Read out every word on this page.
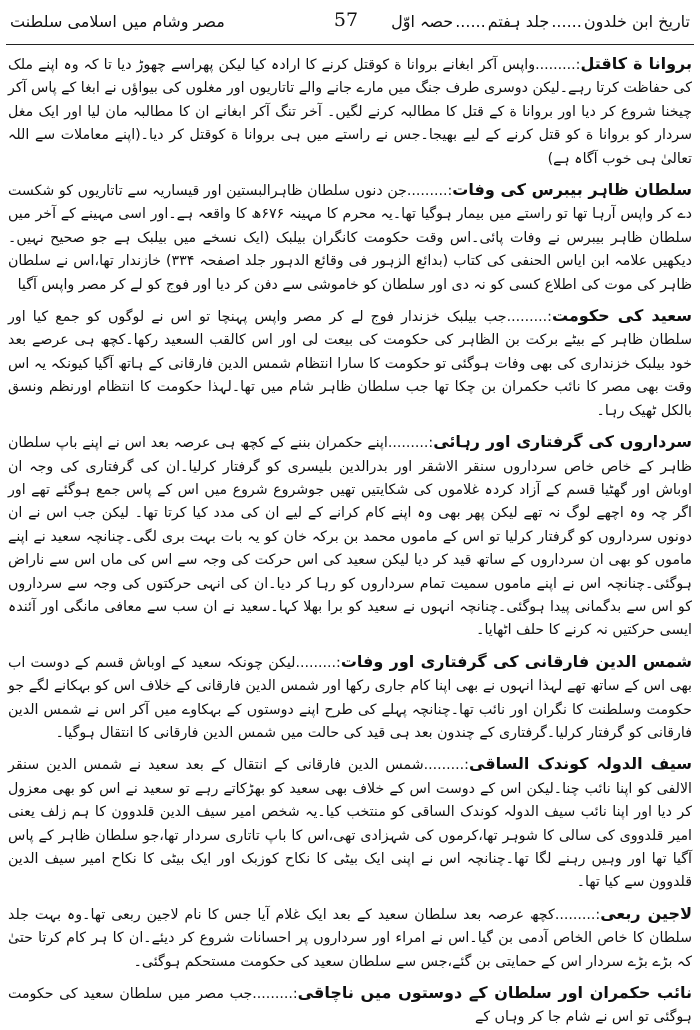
تاریخ ابن خلدون......جلد ہفتم......حصہ اوّل
57
مصر وشام میں اسلامی سلطنت

بروانا ة کاقتل:.........واپس آکر ابغانے بروانا ة کوقتل کرنے کا ارادہ کیا لیکن پھراسے چھوڑ دیا تا کہ وہ اپنے ملک کی حفاظت کرتا رہے۔لیکن دوسری طرف جنگ میں مارے جانے والے تاتاریوں اور مغلوں کی بیواؤں نے ابغا کے پاس آکر چیخنا شروع کر دیا اور بروانا ة کے قتل کا مطالبہ کرنے لگیں۔ آخر تنگ آکر ابغانے ان کا مطالبہ مان لیا اور ایک مغل سردار کو بروانا ة کو قتل کرنے کے لیے بھیجا۔جس نے راستے میں ہی بروانا ة کوقتل کر دیا۔(اپنے معاملات سے اللہ تعالیٰ ہی خوب آگاہ ہے)

سلطان ظاہر بیبرس کی وفات:.........جن دنوں سلطان ظاہرالبستین اور قیساریہ سے تاتاریوں کو شکست دے کر واپس آرہا تھا تو راستے میں بیمار ہوگیا تھا۔یہ محرم کا مہینہ ۶۷۶ھ کا واقعہ ہے۔اور اسی مہینے کے آخر میں سلطان ظاہر بیبرس نے وفات پائی۔اس وقت حکومت کانگران بیلبک (ایک نسخے میں بیلبک ہے جو صحیح نہیں۔دیکھیں علامہ ابن ایاس الحنفی کی کتاب (بدائع الزہور فی وقائع الدہور جلد اصفحہ ۳۳۴) خازندار تھا،اس نے سلطان ظاہر کی موت کی اطلاع کسی کو نہ دی اور سلطان کو خاموشی سے دفن کر دیا اور فوج کو لے کر مصر واپس آگیا

سعید کی حکومت:.........جب بیلبک خزندار فوج لے کر مصر واپس پہنچا تو اس نے لوگوں کو جمع کیا اور سلطان ظاہر کے بیٹے برکت بن الظاہر کی حکومت کی بیعت لی اور اس کالقب السعید رکھا۔کچھ ہی عرصے بعد خود بیلبک خزنداری کی بھی وفات ہوگئی تو حکومت کا سارا انتظام شمس الدین فارقانی کے ہاتھ آگیا کیونکہ یہ اس وقت بھی مصر کا نائب حکمران بن چکا تھا جب سلطان ظاہر شام میں تھا۔لہذا حکومت کا انتظام اورنظم ونسق بالکل ٹھیک رہا۔

سرداروں کی گرفتاری اور رہائی:.........اپنے حکمران بننے کے کچھ ہی عرصہ بعد اس نے اپنے باپ سلطان ظاہر کے خاص خاص سرداروں سنقر الاشقر اور بدرالدین بلیسری کو گرفتار کرلیا۔ان کی گرفتاری کی وجہ ان اوباش اور گھٹیا قسم کے آزاد کردہ غلاموں کی شکایتیں تھیں جوشروع شروع میں اس کے پاس جمع ہوگئے تھے اور اگر چہ وہ اچھے لوگ نہ تھے لیکن پھر بھی وہ اپنے کام کرانے کے لیے ان کی مدد کیا کرتا تھا۔ لیکن جب اس نے ان دونوں سرداروں کو گرفتار کرلیا تو اس کے ماموں محمد بن برکہ خان کو یہ بات بہت بری لگی۔چنانچہ سعید نے اپنے ماموں کو بھی ان سرداروں کے ساتھ قید کر دیا لیکن سعید کی اس حرکت کی وجہ سے اس کی ماں اس سے ناراض ہوگئی۔چنانچہ اس نے اپنے ماموں سمیت تمام سرداروں کو رہا کر دیا۔ان کی انہی حرکتوں کی وجہ سے سرداروں کو اس سے بدگمانی پیدا ہوگئی۔چنانچہ انہوں نے سعید کو برا بھلا کہا۔سعید نے ان سب سے معافی مانگی اور آئندہ ایسی حرکتیں نہ کرنے کا حلف اٹھایا۔

شمس الدین فارقانی کی گرفتاری اور وفات:.........لیکن چونکہ سعید کے اوباش قسم کے دوست اب بھی اس کے ساتھ تھے لہذا انہوں نے بھی اپنا کام جاری رکھا اور شمس الدین فارقانی کے خلاف اس کو بہکانے لگے جو حکومت وسلطنت کا نگران اور نائب تھا۔چنانچہ پہلے کی طرح اپنے دوستوں کے بہکاوے میں آکر اس نے شمس الدین فارقانی کو گرفتار کرلیا۔گرفتاری کے چندون بعد ہی قید کی حالت میں شمس الدین فارقانی کا انتقال ہوگیا۔

سیف الدولہ کوندک الساقی:.........شمس الدین فارقانی کے انتقال کے بعد سعید نے شمس الدین سنقر الالفی کو اپنا نائب چنا۔لیکن اس کے دوست اس کے خلاف بھی سعید کو بھڑکاتے رہے تو سعید نے اس کو بھی معزول کر دیا اور اپنا نائب سیف الدولہ کوندک الساقی کو منتخب کیا۔یہ شخص امیر سیف الدین قلدوون کا ہم زلف یعنی امیر قلدووی کی سالی کا شوہر تھا،کرموں کی شہزادی تھی،اس کا باپ تاتاری سردار تھا،جو سلطان ظاہر کے پاس آگیا تھا اور وہیں رہنے لگا تھا۔چنانچہ اس نے اپنی ایک بیٹی کا نکاح کوزبک اور ایک بیٹی کا نکاح امیر سیف الدین قلدوون سے کیا تھا۔

لاجین ربعی:.........کچھ عرصہ بعد سلطان سعید کے بعد ایک غلام آیا جس کا نام لاجین ربعی تھا۔وہ بہت جلد سلطان کا خاص الخاص آدمی بن گیا۔اس نے امراء اور سرداروں پر احسانات شروع کر دیئے۔ان کا ہر کام کرتا حتیٰ کہ بڑے بڑے سردار اس کے حمایتی بن گئے،جس سے سلطان سعید کی حکومت مستحکم ہوگئی۔

نائب حکمران اور سلطان کے دوستوں میں ناچاقی:.........جب مصر میں سلطان سعید کی حکومت ہوگئی تو اس نے شام جا کر وہاں کے
